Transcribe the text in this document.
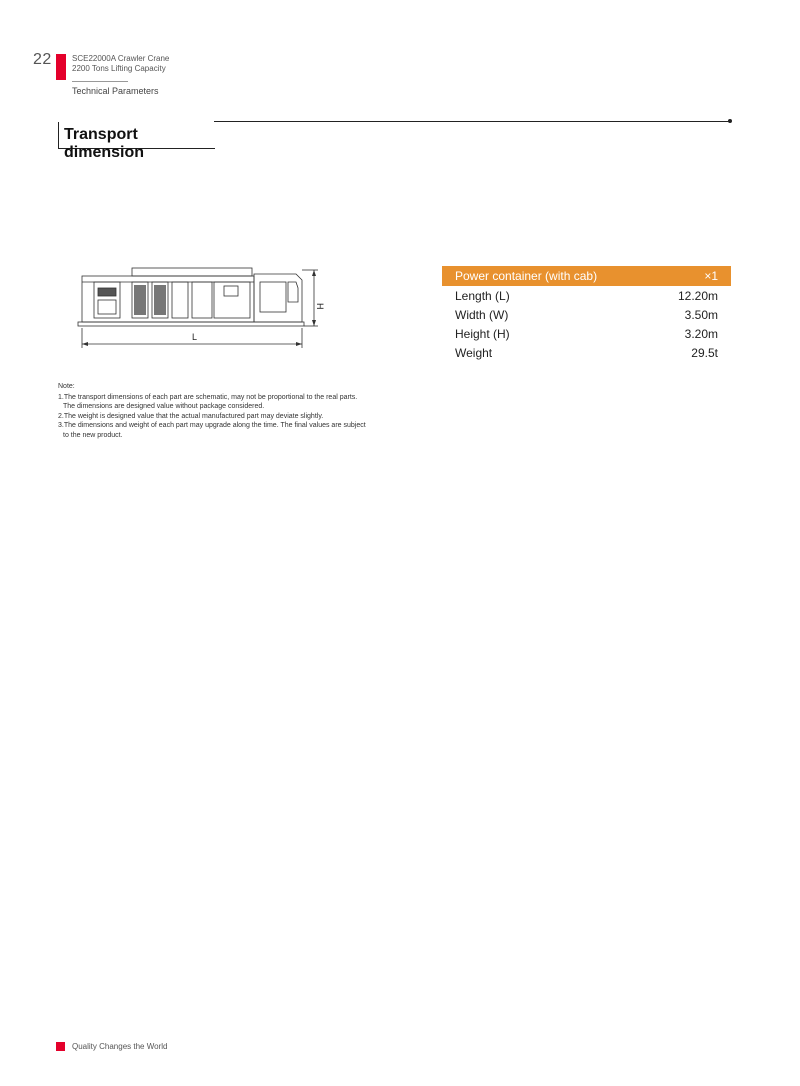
22	SCE22000A Crawler Crane
2200 Tons Lifting Capacity
Technical Parameters
Transport dimension
L
H
Power container (with cab)	×1
Length (L)	12.20m
Width (W)	3.50m
Height (H)	3.20m
Weight	29.5t

Note:

1.The transport dimensions of each part are schematic, may not be proportional to the real parts.

The dimensions are designed value without package considered.

2.The weight is designed value that the actual manufactured part may deviate slightly.

3.The dimensions and weight of each part may upgrade along the time. The final values are subject

to the new product.

Quality Changes the World
